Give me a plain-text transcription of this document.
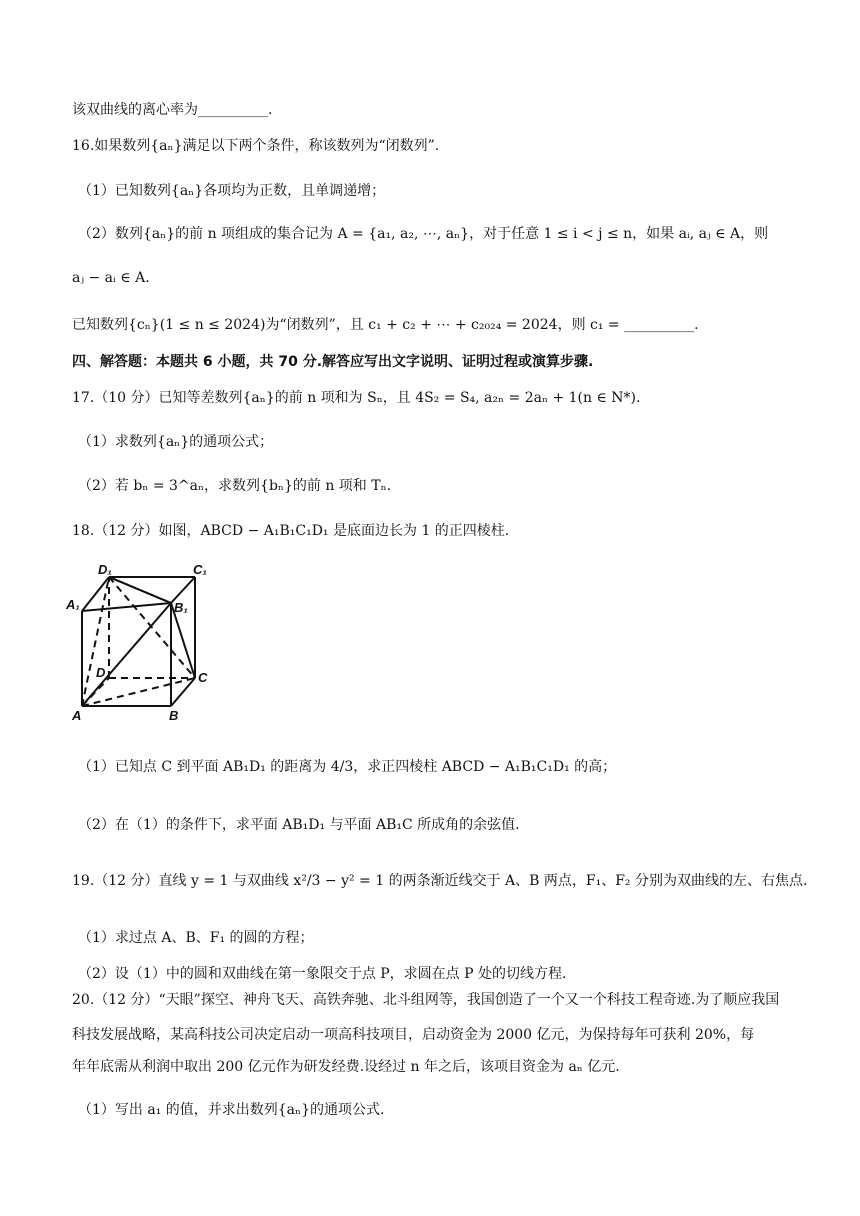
该双曲线的离心率为__________.
16.如果数列{aₙ}满足以下两个条件，称该数列为“闭数列”.
（1）已知数列{aₙ}各项均为正数，且单调递增；
（2）数列{aₙ}的前 n 项组成的集合记为 A = {a₁, a₂, ⋯, aₙ}，对于任意 1 ≤ i < j ≤ n，如果 aᵢ, aⱼ ∈ A，则
aⱼ − aᵢ ∈ A.
已知数列{cₙ}(1 ≤ n ≤ 2024)为“闭数列”，且 c₁ + c₂ + ⋯ + c₂₀₂₄ = 2024，则 c₁ = __________.
四、解答题：本题共 6 小题，共 70 分.解答应写出文字说明、证明过程或演算步骤.
17.（10 分）已知等差数列{aₙ}的前 n 项和为 Sₙ，且 4S₂ = S₄, a₂ₙ = 2aₙ + 1(n ∈ N*).
（1）求数列{aₙ}的通项公式；
（2）若 bₙ = 3^aₙ，求数列{bₙ}的前 n 项和 Tₙ.
18.（12 分）如图，ABCD − A₁B₁C₁D₁ 是底面边长为 1 的正四棱柱.
D₁	C₁
A₁	B₁
D	C
A	B
（1）已知点 C 到平面 AB₁D₁ 的距离为 4/3，求正四棱柱 ABCD − A₁B₁C₁D₁ 的高；
（2）在（1）的条件下，求平面 AB₁D₁ 与平面 AB₁C 所成角的余弦值.
19.（12 分）直线 y = 1 与双曲线 x²/3 − y² = 1 的两条渐近线交于 A、B 两点，F₁、F₂ 分别为双曲线的左、右焦点.
（1）求过点 A、B、F₁ 的圆的方程；
（2）设（1）中的圆和双曲线在第一象限交于点 P，求圆在点 P 处的切线方程.
20.（12 分）“天眼”探空、神舟飞天、高铁奔驰、北斗组网等，我国创造了一个又一个科技工程奇迹.为了顺应我国
科技发展战略，某高科技公司决定启动一项高科技项目，启动资金为 2000 亿元，为保持每年可获利 20%，每
年年底需从利润中取出 200 亿元作为研发经费.设经过 n 年之后，该项目资金为 aₙ 亿元.
（1）写出 a₁ 的值，并求出数列{aₙ}的通项公式.
